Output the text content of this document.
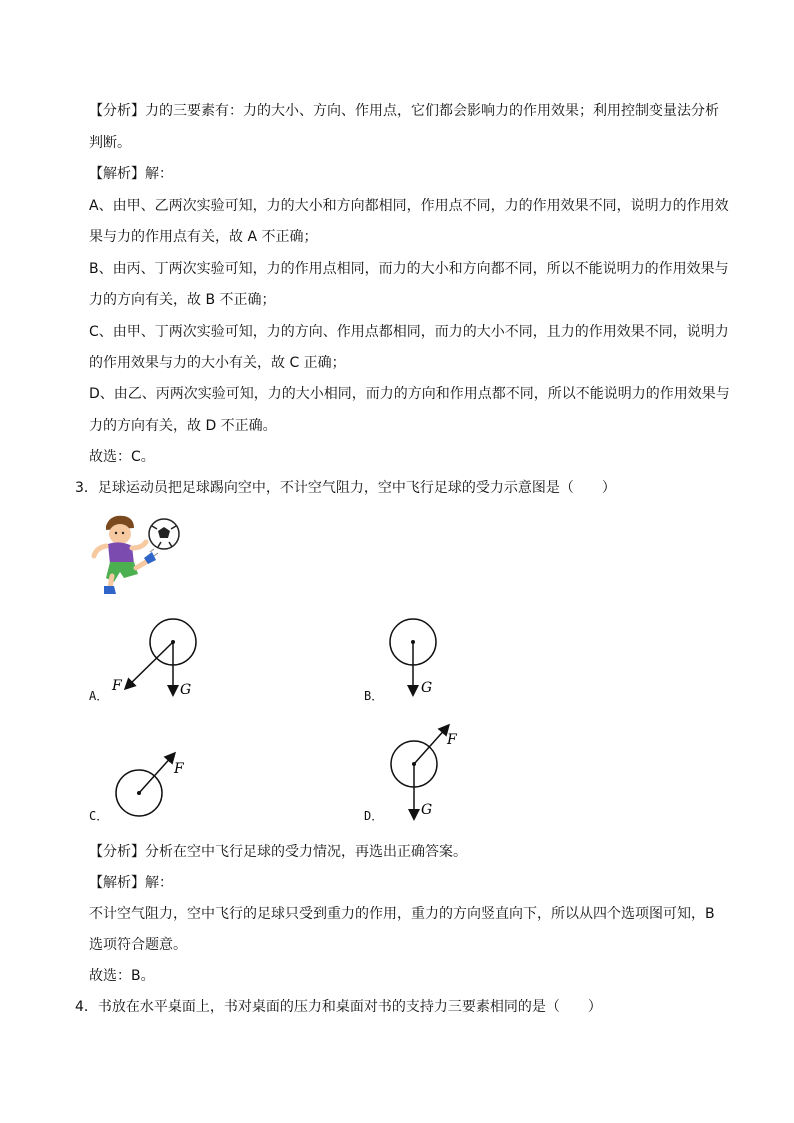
【分析】力的三要素有：力的大小、方向、作用点，它们都会影响力的作用效果；利用控制变量法分析
判断。
【解析】解：
A、由甲、乙两次实验可知，力的大小和方向都相同，作用点不同，力的作用效果不同，说明力的作用效
果与力的作用点有关，故 A 不正确；
B、由丙、丁两次实验可知，力的作用点相同，而力的大小和方向都不同，所以不能说明力的作用效果与
力的方向有关，故 B 不正确；
C、由甲、丁两次实验可知，力的方向、作用点都相同，而力的大小不同，且力的作用效果不同，说明力
的作用效果与力的大小有关，故 C 正确；
D、由乙、丙两次实验可知，力的大小相同，而力的方向和作用点都不同，所以不能说明力的作用效果与
力的方向有关，故 D 不正确。
故选：C。
3．足球运动员把足球踢向空中，不计空气阻力，空中飞行足球的受力示意图是（　　）
F	G
A．	G
B．
F
C．
F
G
D．
【分析】分析在空中飞行足球的受力情况，再选出正确答案。
【解析】解：
不计空气阻力，空中飞行的足球只受到重力的作用，重力的方向竖直向下，所以从四个选项图可知，B
选项符合题意。
故选：B。
4．书放在水平桌面上，书对桌面的压力和桌面对书的支持力三要素相同的是（　　）
